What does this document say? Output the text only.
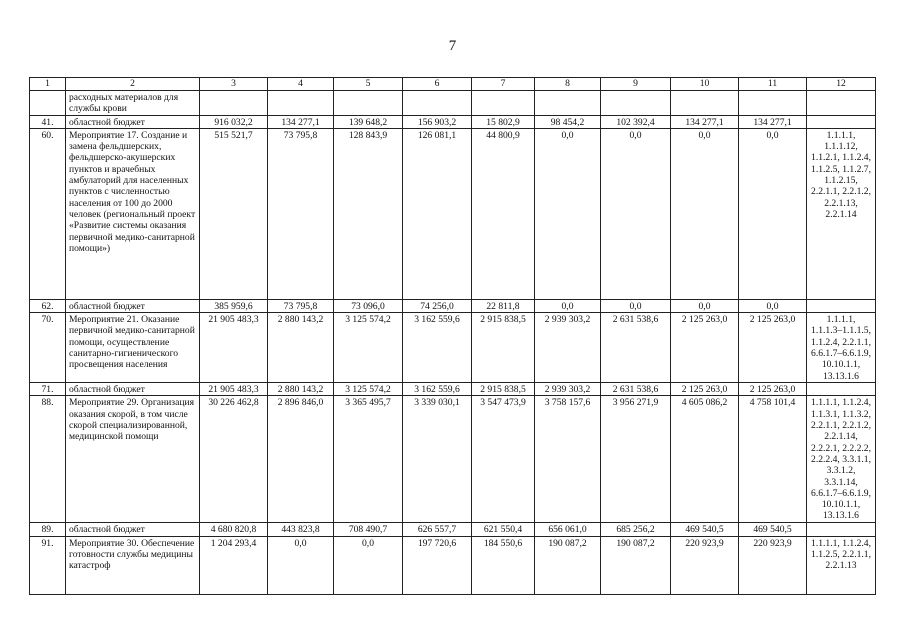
7
1	2	3	4	5	6	7	8	9	10	11	12
	расходных материалов для службы крови										
41.	областной бюджет	916 032,2	134 277,1	139 648,2	156 903,2	15 802,9	98 454,2	102 392,4	134 277,1	134 277,1	
60.	Мероприятие 17. Создание и замена фельдшерских, фельдшерско-акушерских пунктов и врачебных амбулаторий для населенных пунктов с численностью населения от 100 до 2000 человек (региональный проект «Развитие системы оказания первичной медико-санитарной помощи»)	515 521,7	73 795,8	128 843,9	126 081,1	44 800,9	0,0	0,0	0,0	0,0	1.1.1.1, 1.1.1.12, 1.1.2.1, 1.1.2.4, 1.1.2.5, 1.1.2.7, 1.1.2.15, 2.2.1.1, 2.2.1.2, 2.2.1.13, 2.2.1.14
62.	областной бюджет	385 959,6	73 795,8	73 096,0	74 256,0	22 811,8	0,0	0,0	0,0	0,0	
70.	Мероприятие 21. Оказание первичной медико-санитарной помощи, осуществление санитарно-гигиенического просвещения населения	21 905 483,3	2 880 143,2	3 125 574,2	3 162 559,6	2 915 838,5	2 939 303,2	2 631 538,6	2 125 263,0	2 125 263,0	1.1.1.1, 1.1.1.3–1.1.1.5, 1.1.2.4, 2.2.1.1, 6.6.1.7–6.6.1.9, 10.10.1.1, 13.13.1.6
71.	областной бюджет	21 905 483,3	2 880 143,2	3 125 574,2	3 162 559,6	2 915 838,5	2 939 303,2	2 631 538,6	2 125 263,0	2 125 263,0	
88.	Мероприятие 29. Организация оказания скорой, в том числе скорой специализированной, медицинской помощи	30 226 462,8	2 896 846,0	3 365 495,7	3 339 030,1	3 547 473,9	3 758 157,6	3 956 271,9	4 605 086,2	4 758 101,4	1.1.1.1, 1.1.2.4, 1.1.3.1, 1.1.3.2, 2.2.1.1, 2.2.1.2, 2.2.1.14, 2.2.2.1, 2.2.2.2, 2.2.2.4, 3.3.1.1, 3.3.1.2, 3.3.1.14, 6.6.1.7–6.6.1.9, 10.10.1.1, 13.13.1.6
89.	областной бюджет	4 680 820,8	443 823,8	708 490,7	626 557,7	621 550,4	656 061,0	685 256,2	469 540,5	469 540,5	
91.	Мероприятие 30. Обеспечение готовности службы медицины катастроф	1 204 293,4	0,0	0,0	197 720,6	184 550,6	190 087,2	190 087,2	220 923,9	220 923,9	1.1.1.1, 1.1.2.4, 1.1.2.5, 2.2.1.1, 2.2.1.13
